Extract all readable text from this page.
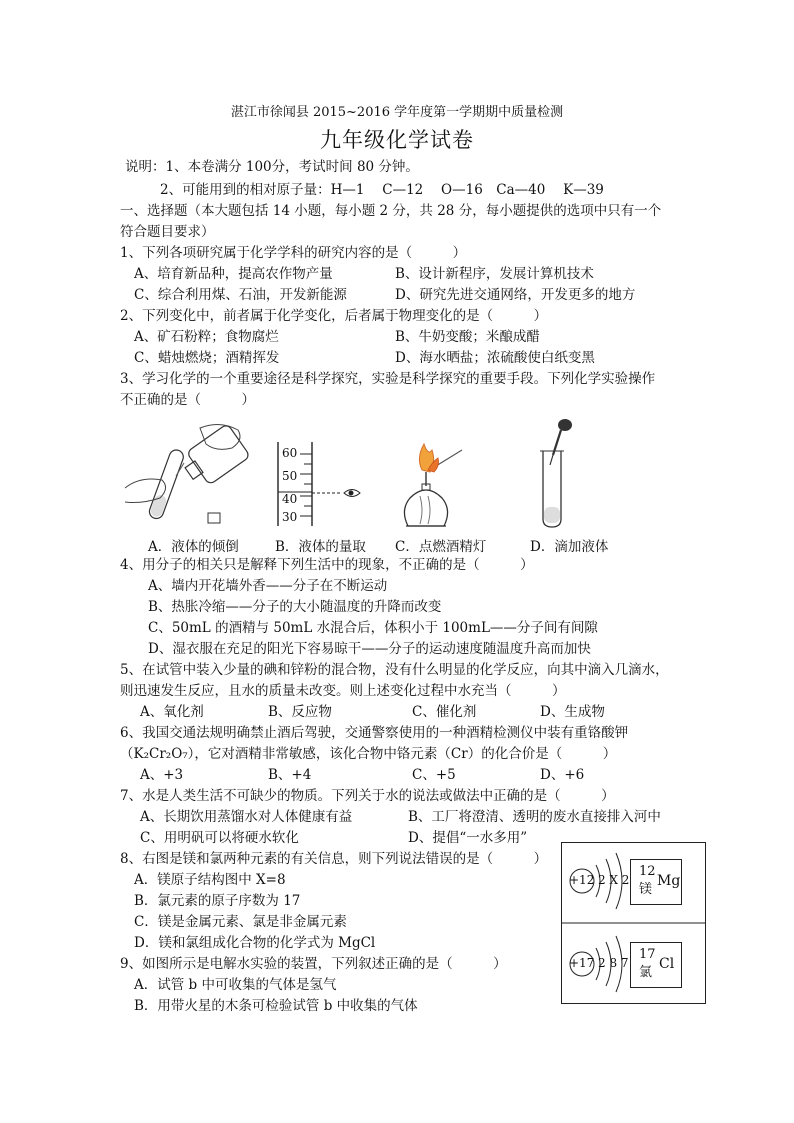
湛江市徐闻县 2015~2016 学年度第一学期期中质量检测
九年级化学试卷
说明：1、本卷满分 100分，考试时间 80 分钟。
2、可能用到的相对原子量：H—1　 C—12　 O—16　Ca—40　 K—39
一、选择题（本大题包括 14 小题，每小题 2 分，共 28 分，每小题提供的选项中只有一个
符合题目要求）
1、下列各项研究属于化学学科的研究内容的是（　　　）
A、培育新品种，提高农作物产量	B、设计新程序，发展计算机技术
C、综合利用煤、石油，开发新能源	D、研究先进交通网络，开发更多的地方
2、下列变化中，前者属于化学变化，后者属于物理变化的是（　　　）
A、矿石粉粹；食物腐烂	B、牛奶变酸；米酿成醋
C、蜡烛燃烧；酒精挥发	D、海水晒盐；浓硫酸使白纸变黑
3、学习化学的一个重要途径是科学探究，实验是科学探究的重要手段。下列化学实验操作
不正确的是（　　　）
60
50
40
30
A．液体的倾倒	B．液体的量取 C．点燃酒精灯	D．滴加液体
4、用分子的相关只是解释下列生活中的现象，不正确的是（　　　）
A、墙内开花墙外香——分子在不断运动
B、热胀冷缩——分子的大小随温度的升降而改变
C、50mL 的酒精与 50mL 水混合后，体积小于 100mL——分子间有间隙
D、湿衣服在充足的阳光下容易晾干——分子的运动速度随温度升高而加快
5、在试管中装入少量的碘和锌粉的混合物，没有什么明显的化学反应，向其中滴入几滴水，
则迅速发生反应，且水的质量未改变。则上述变化过程中水充当（　　　）
A、氧化剂	B、反应物	C、催化剂	D、生成物
6、我国交通法规明确禁止酒后驾驶，交通警察使用的一种酒精检测仪中装有重铬酸钾
（K₂Cr₂O₇），它对酒精非常敏感，该化合物中铬元素（Cr）的化合价是（　　　）
A、+3	B、+4	C、+5	D、+6
7、水是人类生活不可缺少的物质。下列关于水的说法或做法中正确的是（　　　）
A、长期饮用蒸馏水对人体健康有益	B、工厂将澄清、透明的废水直接排入河中
C、用明矾可以将硬水软化	D、提倡“一水多用”
8、右图是镁和氯两种元素的有关信息，则下列说法错误的是（　　　）
A．镁原子结构图中 X=8
B．氯元素的原子序数为 17
C．镁是金属元素、氯是非金属元素
D．镁和氯组成化合物的化学式为 MgCl
9、如图所示是电解水实验的装置，下列叙述正确的是（　　　）
A．试管 b 中可收集的气体是氢气
B．用带火星的木条可检验试管 b 中收集的气体
+12 2 X 2
12
Mg
镁
+17 2 8 7
17
Cl
氯
